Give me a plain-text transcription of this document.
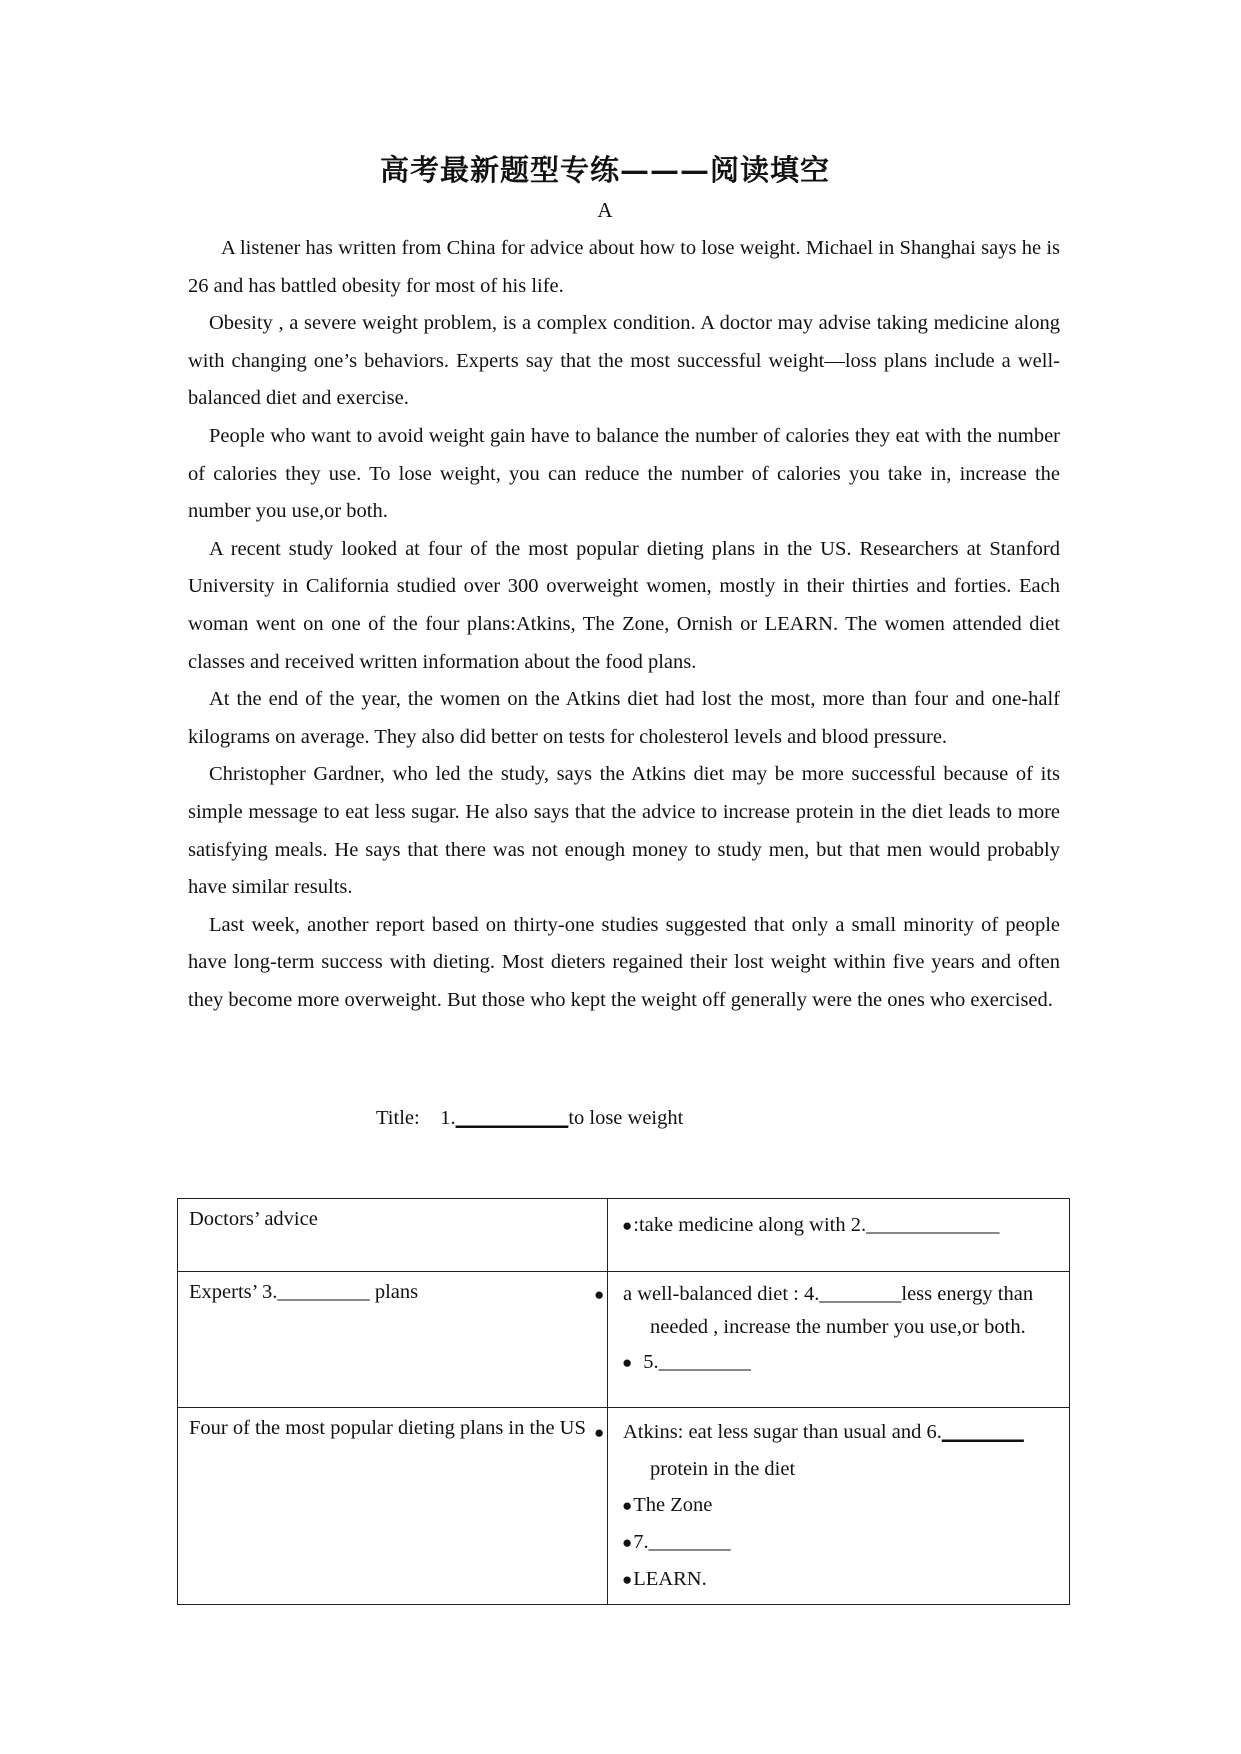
高考最新题型专练———阅读填空
A

A listener has written from China for advice about how to lose weight. Michael in Shanghai says he is 26 and has battled obesity for most of his life.

Obesity , a severe weight problem, is a complex condition. A doctor may advise taking medicine along with changing one’s behaviors. Experts say that the most successful weight—loss plans include a well-balanced diet and exercise.

People who want to avoid weight gain have to balance the number of calories they eat with the number of calories they use. To lose weight, you can reduce the number of calories you take in, increase the number you use,or both.

A recent study looked at four of the most popular dieting plans in the US. Researchers at Stanford University in California studied over 300 overweight women, mostly in their thirties and forties. Each woman went on one of the four plans:Atkins, The Zone, Ornish or LEARN. The women attended diet classes and received written information about the food plans.

At the end of the year, the women on the Atkins diet had lost the most, more than four and one-half kilograms on average. They also did better on tests for cholesterol levels and blood pressure.

Christopher Gardner, who led the study, says the Atkins diet may be more successful because of its simple message to eat less sugar. He also says that the advice to increase protein in the diet leads to more satisfying meals. He says that there was not enough money to study men, but that men would probably have similar results.

Last week, another report based on thirty-one studies suggested that only a small minority of people have long-term success with dieting. Most dieters regained their lost weight within five years and often they become more overweight. But those who kept the weight off generally were the ones who exercised.

Title: 1.___________to lose weight
Doctors’ advice	●:take medicine along with 2._____________

Experts’ 3._________ plans	● a well-balanced diet : 4.________less energy than needed , increase the number you use,or both.

● 5._________

Four of the most popular dieting plans in the US	● Atkins: eat less sugar than usual and 6.________ protein in the diet

●The Zone

●7.________

●LEARN.
